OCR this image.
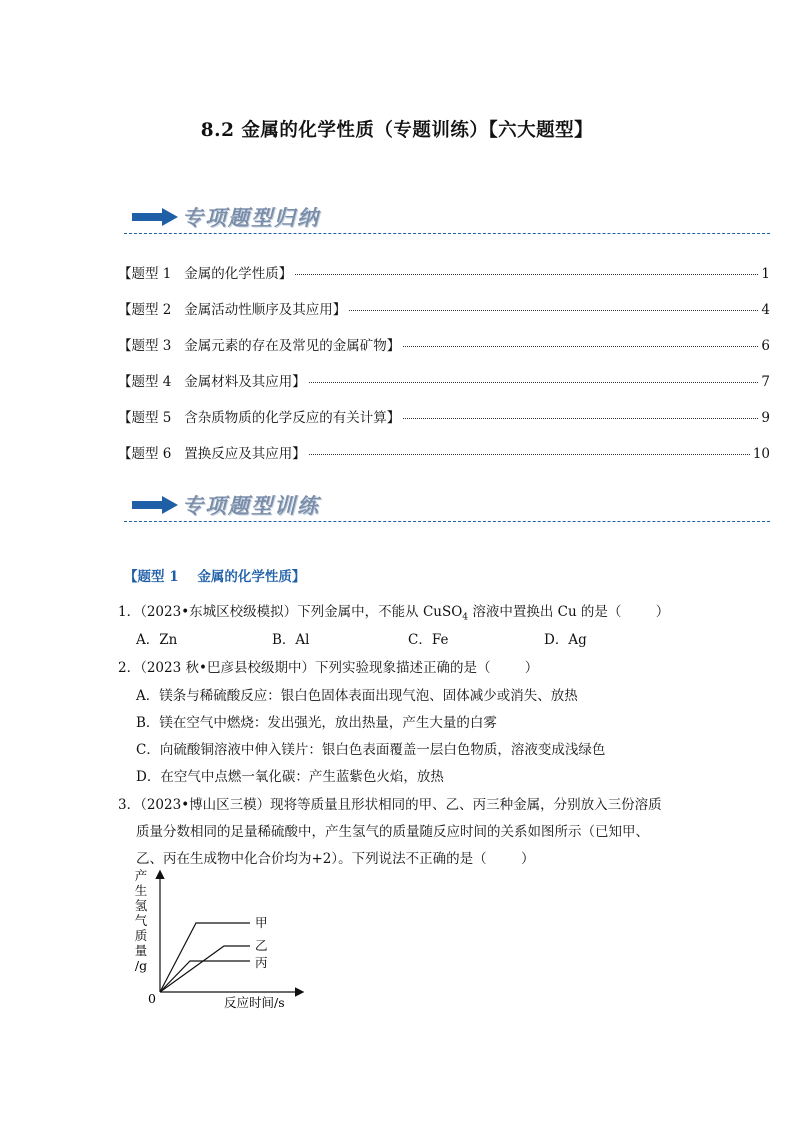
8.2 金属的化学性质（专题训练）【六大题型】
专项题型归纳
【题型 1   金属的化学性质】	1
【题型 2   金属活动性顺序及其应用】	4
【题型 3   金属元素的存在及常见的金属矿物】	6
【题型 4   金属材料及其应用】	7
【题型 5   含杂质物质的化学反应的有关计算】	9
【题型 6   置换反应及其应用】	10
专项题型训练
【题型 1    金属的化学性质】
1．（2023•东城区校级模拟）下列金属中，不能从 CuSO$_4$ 溶液中置换出 Cu 的是（        ）
A．Zn	B．Al	C．Fe	D．Ag
2．（2023 秋•巴彦县校级期中）下列实验现象描述正确的是（        ）
A．镁条与稀硫酸反应：银白色固体表面出现气泡、固体减少或消失、放热
B．镁在空气中燃烧：发出强光，放出热量，产生大量的白雾
C．向硫酸铜溶液中伸入镁片：银白色表面覆盖一层白色物质，溶液变成浅绿色
D．在空气中点燃一氧化碳：产生蓝紫色火焰，放热
3．（2023•博山区三模）现将等质量且形状相同的甲、乙、丙三种金属，分别放入三份溶质
质量分数相同的足量稀硫酸中，产生氢气的质量随反应时间的关系如图所示（已知甲、
乙、丙在生成物中化合价均为+2）。下列说法不正确的是（        ）
甲
乙
丙
0	反应时间/s
产
生
氢
气
质
量
/g
